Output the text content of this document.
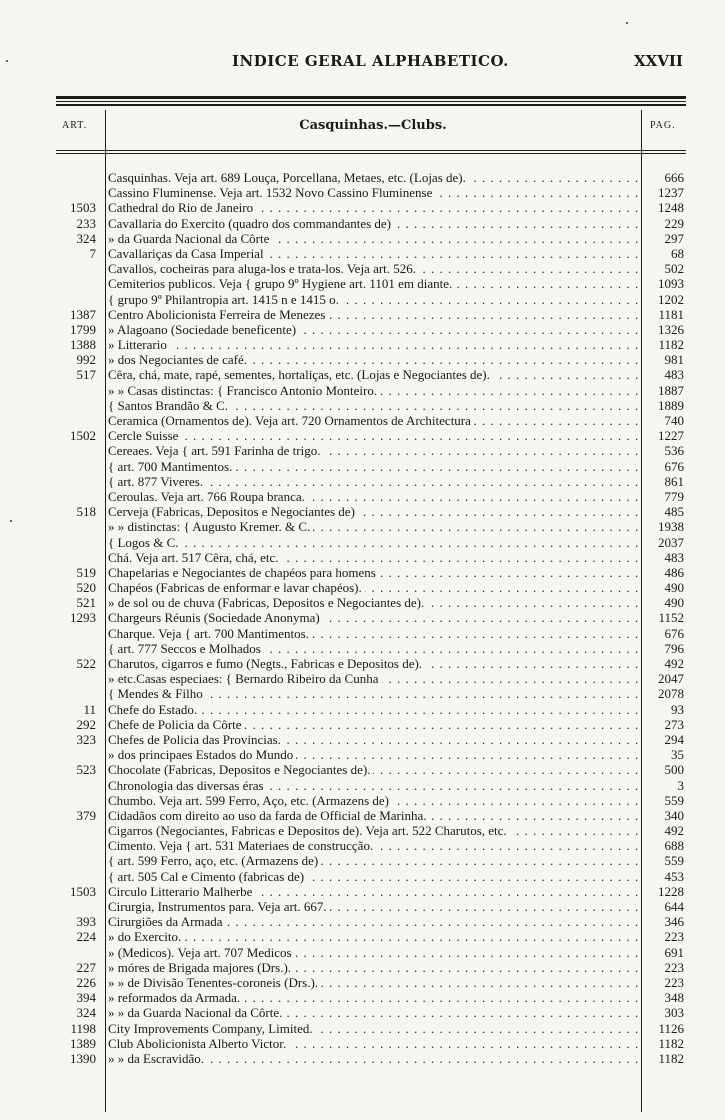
INDICE GERAL ALPHABETICO.	XXVII
ART.	Casquinhas.—Clubs.	PAG.
Casquinhas. Veja art. 689 Louça, Porcellana, Metaes, etc. (Lojas de). . . .	666
Cassino Fluminense. Veja art. 1532 Novo Cassino Fluminense . . .	1237
1503 Cathedral do Rio de Janeiro . . .	1248
233 Cavallaria do Exercito (quadro dos commandantes de) . . .	229
324 » da Guarda Nacional da Côrte . . .	297
7 Cavallariças da Casa Imperial . . .	68
Cavallos, cocheiras para aluga-los e trata-los. Veja art. 526. . . .	502
Cemiterios publicos. Veja { grupo 9º Hygiene art. 1101 em diante. . . .	1093
{ grupo 9º Philantropia art. 1415 n e 1415 o. . . .	1202
1387 Centro Abolicionista Ferreira de Menezes . . .	1181
1799 » Alagoano (Sociedade beneficente) . . .	1326
1388 » Litterario . . .	1182
992 » dos Negociantes de café. . . .	981
517 Cêra, chá, mate, rapé, sementes, hortaliças, etc. (Lojas e Negociantes de). . . .	483
» » Casas distinctas: { Francisco Antonio Monteiro. . . .	1887
{ Santos Brandão & C. . . .	1889
Ceramica (Ornamentos de). Veja art. 720 Ornamentos de Architectura . . .	740
1502 Cercle Suisse . . .	1227
Cereaes. Veja { art. 591 Farinha de trigo. . . .	536
{ art. 700 Mantimentos. . . .	676
{ art. 877 Viveres. . . .	861
Ceroulas. Veja art. 766 Roupa branca. . . .	779
518 Cerveja (Fabricas, Depositos e Negociantes de) . . .	485
» » distinctas: { Augusto Kremer. & C. . . .	1938
{ Logos & C. . . .	2037
Chá. Veja art. 517 Cêra, chá, etc. . . .	483
519 Chapelarias e Negociantes de chapéos para homens . . .	486
520 Chapéos (Fabricas de enformar e lavar chapéos). . . .	490
521 » de sol ou de chuva (Fabricas, Depositos e Negociantes de). . . .	490
1293 Chargeurs Réunis (Sociedade Anonyma) . . .	1152
Charque. Veja { art. 700 Mantimentos. . . .	676
{ art. 777 Seccos e Molhados . . .	796
522 Charutos, cigarros e fumo (Negts., Fabricas e Depositos de). . . .	492
» etc.Casas especiaes: { Bernardo Ribeiro da Cunha . . .	2047
{ Mendes & Filho . . .	2078
11 Chefe do Estado. . . .	93
292 Chefe de Policia da Côrte . . .	273
323 Chefes de Policia das Provincias. . . .	294
» dos principaes Estados do Mundo . . .	35
523 Chocolate (Fabricas, Depositos e Negociantes de). . . .	500
Chronologia das diversas éras . . .	3
Chumbo. Veja art. 599 Ferro, Aço, etc. (Armazens de) . . .	559
379 Cidadãos com direito ao uso da farda de Official de Marinha. . . .	340
Cigarros (Negociantes, Fabricas e Depositos de). Veja art. 522 Charutos, etc. . . .	492
Cimento. Veja { art. 531 Materiaes de construcção. . . .	688
{ art. 599 Ferro, aço, etc. (Armazens de) . . .	559
{ art. 505 Cal e Cimento (fabricas de) . . .	453
1503 Circulo Litterario Malherbe . . .	1228
Cirurgia, Instrumentos para. Veja art. 667. . . .	644
393 Cirurgiões da Armada . . .	346
224 » do Exercito. . . .	223
» (Medicos). Veja art. 707 Medicos . . .	691
227 » móres de Brigada majores (Drs.). . . .	223
226 » » de Divisão Tenentes-coroneis (Drs.). . . .	223
394 » reformados da Armada. . . .	348
324 » » da Guarda Nacional da Côrte. . . .	303
1198 City Improvements Company, Limited. . . .	1126
1389 Club Abolicionista Alberto Victor. . . .	1182
1390 » » da Escravidão. . . .	1182
